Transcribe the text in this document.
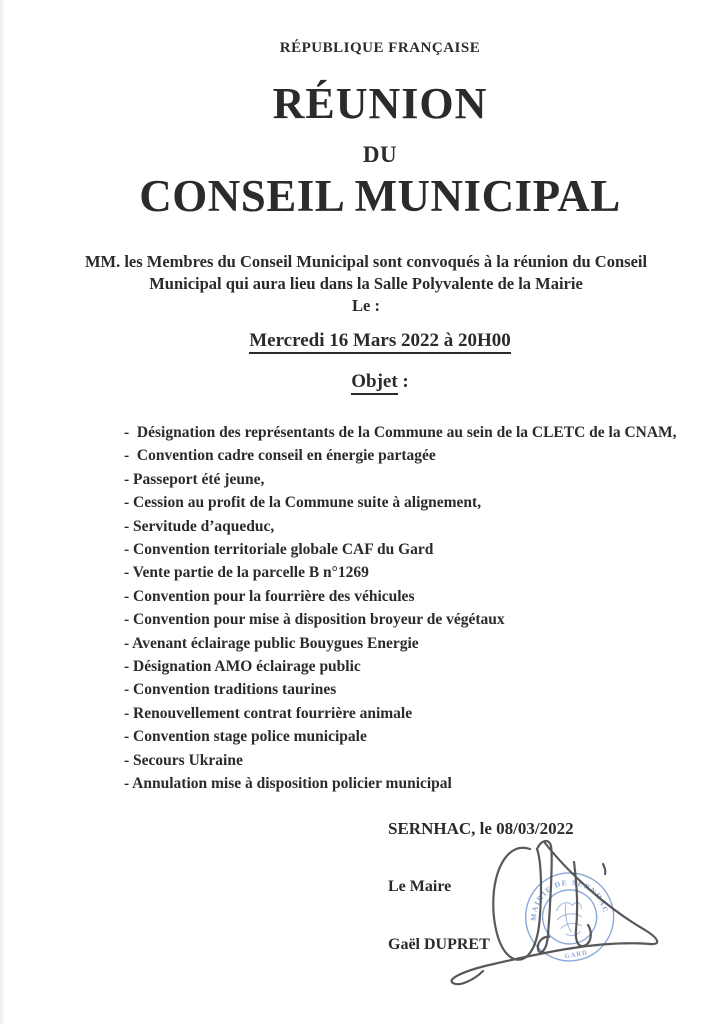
RÉPUBLIQUE FRANÇAISE
RÉUNION
DU
CONSEIL MUNICIPAL
MM. les Membres du Conseil Municipal sont convoqués à la réunion du Conseil
Municipal qui aura lieu dans la Salle Polyvalente de la Mairie
Le :
Mercredi 16 Mars 2022 à 20H00
Objet :
-  Désignation des représentants de la Commune au sein de la CLETC de la CNAM,
-  Convention cadre conseil en énergie partagée
- Passeport été jeune,
- Cession au profit de la Commune suite à alignement,
- Servitude d’aqueduc,
- Convention territoriale globale CAF du Gard
- Vente partie de la parcelle B n°1269
- Convention pour la fourrière des véhicules
- Convention pour mise à disposition broyeur de végétaux
- Avenant éclairage public Bouygues Energie
- Désignation AMO éclairage public
- Convention traditions taurines
- Renouvellement contrat fourrière animale
- Convention stage police municipale
- Secours Ukraine
- Annulation mise à disposition policier municipal
SERNHAC, le 08/03/2022
Le Maire
Gaël DUPRET
MAIRIE DE SERNHAC
GARD
